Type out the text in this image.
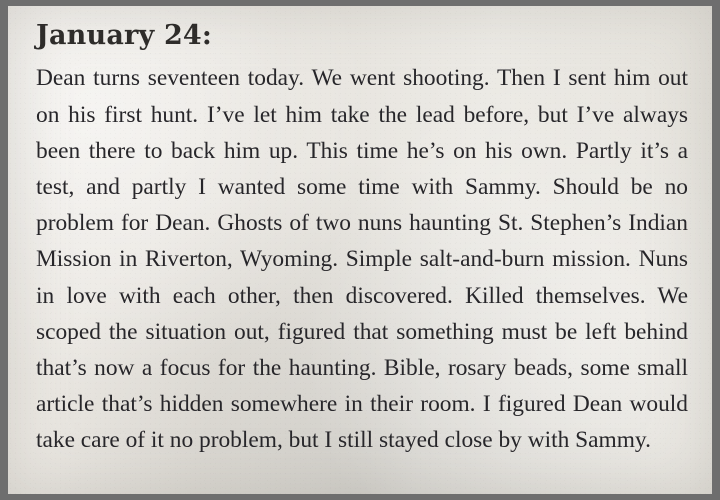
January 24:

Dean turns seventeen today. We went shooting. Then I sent him out on his first hunt. I’ve let him take the lead before, but I’ve always been there to back him up. This time he’s on his own. Partly it’s a test, and partly I wanted some time with Sammy. Should be no problem for Dean. Ghosts of two nuns haunting St. Stephen’s Indian Mission in Riverton, Wyoming. Simple salt-and-burn mission. Nuns in love with each other, then discovered. Killed themselves. We scoped the situation out, figured that something must be left behind that’s now a focus for the haunting. Bible, rosary beads, some small article that’s hidden somewhere in their room. I figured Dean would take care of it no problem, but I still stayed close by with Sammy.
